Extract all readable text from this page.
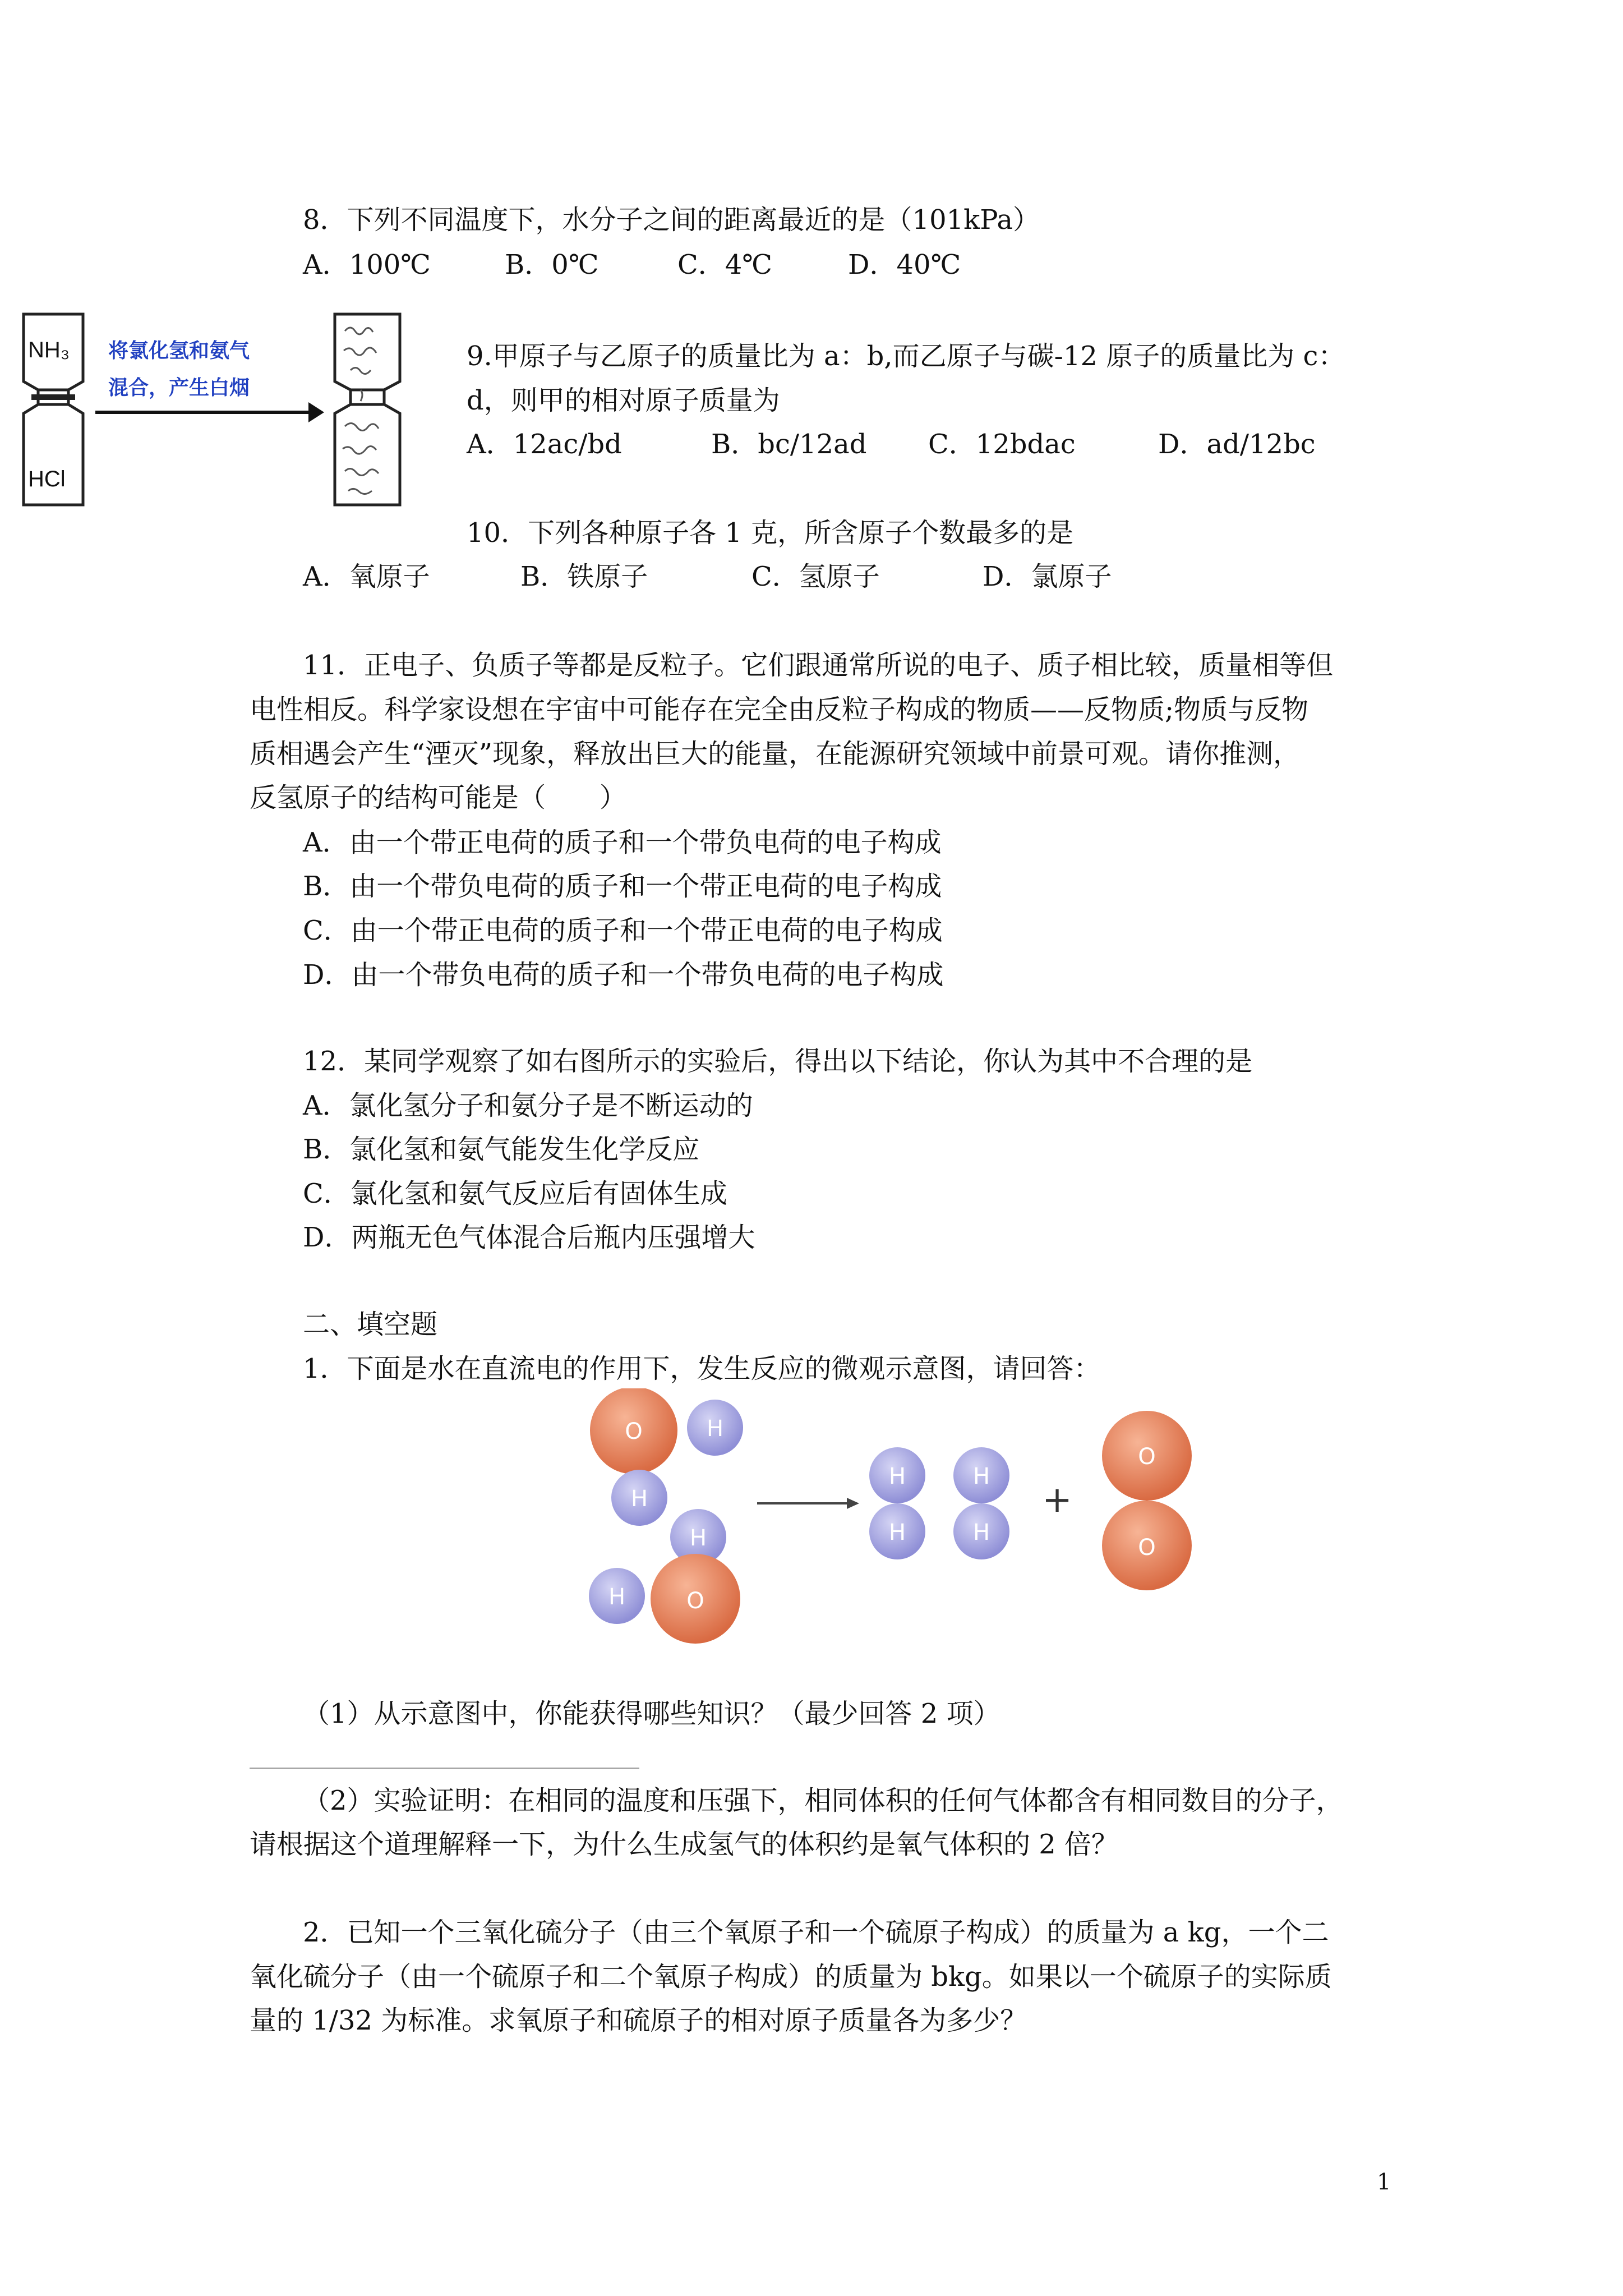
8．下列不同温度下，水分子之间的距离最近的是（101kPa）
A．100℃	B．0℃	C．4℃	D．40℃
NH₃
HCl
将氯化氢和氨气
混合，产生白烟
9.甲原子与乙原子的质量比为 a：b,而乙原子与碳-12 原子的质量比为 c：
d，则甲的相对原子质量为
A．12ac/bd	B．bc/12ad C．12bdac	D．ad/12bc
10．下列各种原子各 1 克，所含原子个数最多的是
A．氧原子	B．铁原子	C．氢原子	D．氯原子
11．正电子、负质子等都是反粒子。它们跟通常所说的电子、质子相比较，质量相等但
电性相反。科学家设想在宇宙中可能存在完全由反粒子构成的物质——反物质;物质与反物
质相遇会产生“湮灭”现象，释放出巨大的能量，在能源研究领域中前景可观。请你推测，
反氢原子的结构可能是（　　）
A．由一个带正电荷的质子和一个带负电荷的电子构成
B．由一个带负电荷的质子和一个带正电荷的电子构成
C．由一个带正电荷的质子和一个带正电荷的电子构成
D．由一个带负电荷的质子和一个带负电荷的电子构成
12．某同学观察了如右图所示的实验后，得出以下结论，你认为其中不合理的是
A．氯化氢分子和氨分子是不断运动的
B．氯化氢和氨气能发生化学反应
C．氯化氢和氨气反应后有固体生成
D．两瓶无色气体混合后瓶内压强增大
二、填空题
1．下面是水在直流电的作用下，发生反应的微观示意图，请回答：
O	H
H
H
H	O
H
H
H
H
+
O
O
（1）从示意图中，你能获得哪些知识？（最少回答 2 项）
（2）实验证明：在相同的温度和压强下，相同体积的任何气体都含有相同数目的分子，
请根据这个道理解释一下，为什么生成氢气的体积约是氧气体积的 2 倍？
2．已知一个三氧化硫分子（由三个氧原子和一个硫原子构成）的质量为 a kg，一个二
氧化硫分子（由一个硫原子和二个氧原子构成）的质量为 bkg。如果以一个硫原子的实际质
量的 1/32 为标准。求氧原子和硫原子的相对原子质量各为多少？
1
